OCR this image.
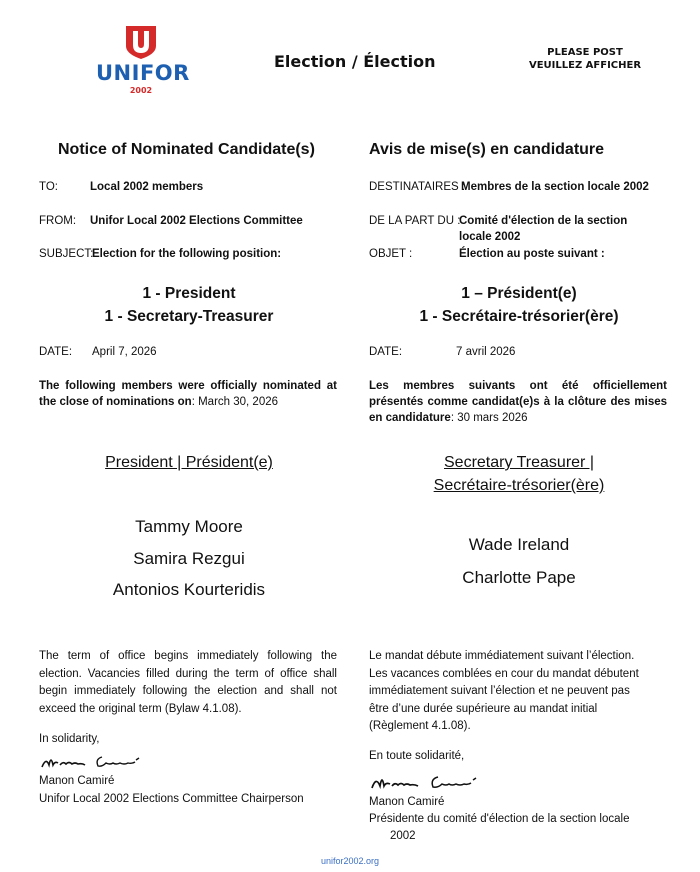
UNIFOR
2002
Election / Élection	PLEASE POST
VEUILLEZ AFFICHER
Notice of Nominated Candidate(s)
TO:	Local 2002 members
FROM: Unifor Local 2002 Elections Committee
SUBJECT:
Election for the following position:
1 - President
1 - Secretary-Treasurer
DATE: April 7, 2026
The following members were officially nominated at the close of nominations on: March 30, 2026
President | Président(e)
Tammy Moore
Samira Rezgui
Antonios Kourteridis
The term of office begins immediately following the election. Vacancies filled during the term of office shall begin immediately following the election and shall not exceed the original term (Bylaw 4.1.08).
In solidarity,
Manon Camiré
Unifor Local 2002 Elections Committee Chairperson
Avis de mise(s) en candidature
DESTINATAIRES :
Membres de la section locale 2002
DE LA PART DU :
Comité d'élection de la section
locale 2002
OBJET :	Élection au poste suivant :
1 – Président(e)
1 - Secrétaire-trésorier(ère)
DATE:	7 avril 2026
Les membres suivants ont été officiellement présentés comme candidat(e)s à la clôture des mises en candidature: 30 mars 2026
Secretary Treasurer |
Secrétaire-trésorier(ère)
Wade Ireland
Charlotte Pape
Le mandat débute immédiatement suivant l’élection.
Les vacances comblées en cour du mandat débutent
immédiatement suivant l’élection et ne peuvent pas
être d’une durée supérieure au mandat initial
(Règlement 4.1.08).
En toute solidarité,
Manon Camiré
Présidente du comité d'élection de la section locale
2002
unifor2002.org
